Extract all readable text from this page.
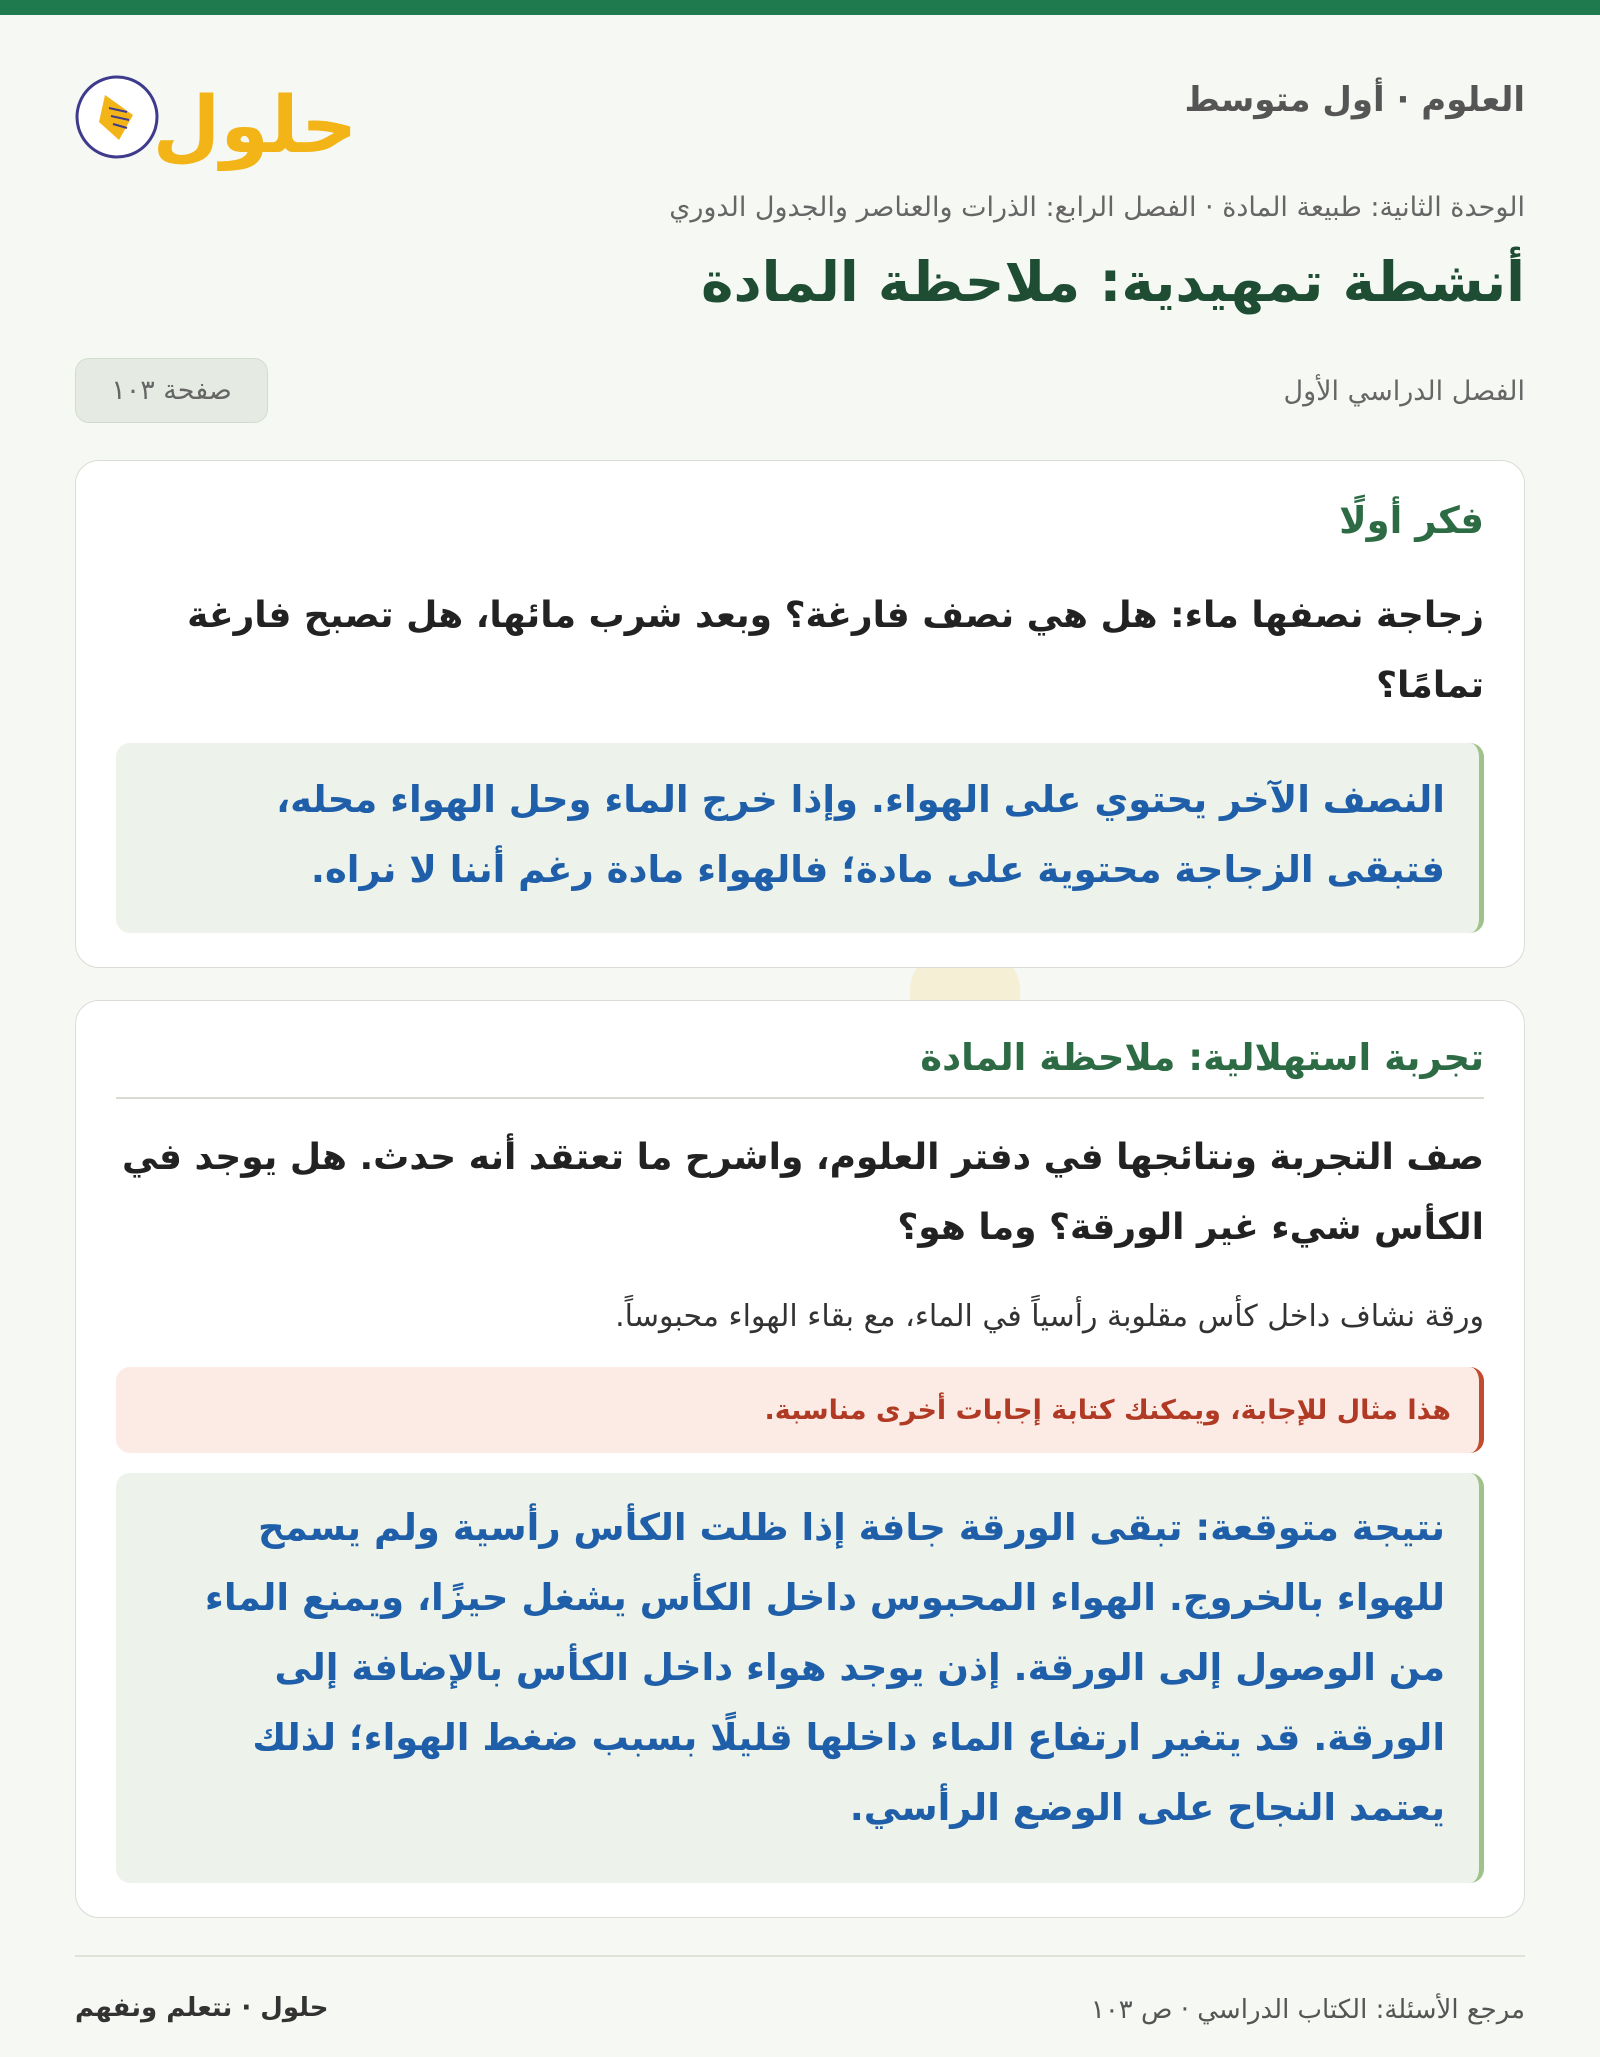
العلوم · أول متوسط
حلول
الوحدة الثانية: طبيعة المادة · الفصل الرابع: الذرات والعناصر والجدول الدوري
أنشطة تمهيدية: ملاحظة المادة
الفصل الدراسي الأول
صفحة ١٠٣
فكر أولًا

زجاجة نصفها ماء: هل هي نصف فارغة؟ وبعد شرب مائها، هل تصبح فارغة تمامًا؟

النصف الآخر يحتوي على الهواء. وإذا خرج الماء وحل الهواء محله، فتبقى الزجاجة محتوية على مادة؛ فالهواء مادة رغم أننا لا نراه.

تجربة استهلالية: ملاحظة المادة

صف التجربة ونتائجها في دفتر العلوم، واشرح ما تعتقد أنه حدث. هل يوجد في الكأس شيء غير الورقة؟ وما هو؟

ورقة نشاف داخل كأس مقلوبة رأسياً في الماء، مع بقاء الهواء محبوساً.
هذا مثال للإجابة، ويمكنك كتابة إجابات أخرى مناسبة.

نتيجة متوقعة: تبقى الورقة جافة إذا ظلت الكأس رأسية ولم يسمح للهواء بالخروج. الهواء المحبوس داخل الكأس يشغل حيزًا، ويمنع الماء من الوصول إلى الورقة. إذن يوجد هواء داخل الكأس بالإضافة إلى الورقة. قد يتغير ارتفاع الماء داخلها قليلًا بسبب ضغط الهواء؛ لذلك يعتمد النجاح على الوضع الرأسي.

مرجع الأسئلة: الكتاب الدراسي · ص ١٠٣
حلول · نتعلم ونفهم
